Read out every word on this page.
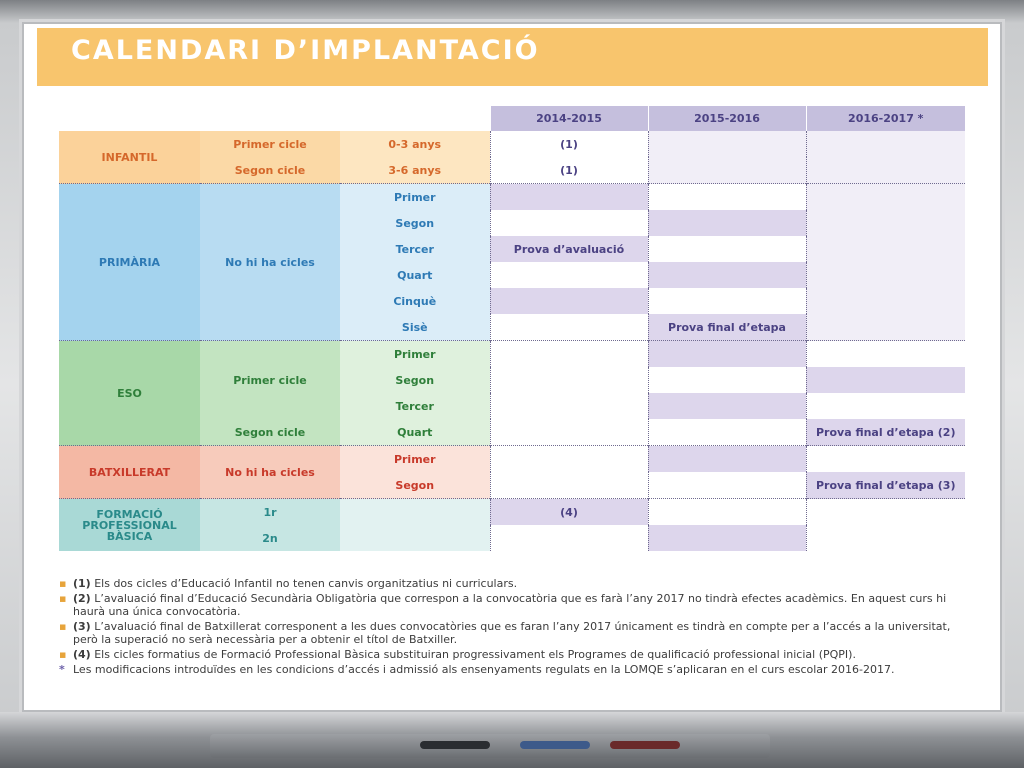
CALENDARI D’IMPLANTACIÓ
			2014-2015	2015-2016	2016-2017 *
INFANTIL	Primer cicle	0-3 anys	(1)		
	Segon cicle	3-6 anys	(1)		
PRIMÀRIA	No hi ha cicles	Primer			
		Segon			
		Tercer	Prova d’avaluació		
		Quart			
		Cinquè			
		Sisè		Prova final d’etapa	
ESO	Primer cicle	Primer			
		Segon			
		Tercer			
	Segon cicle	Quart			Prova final d’etapa (2)
BATXILLERAT	No hi ha cicles	Primer			
		Segon			Prova final d’etapa (3)
FORMACIÓ PROFESSIONAL BÀSICA	1r		(4)		
	2n				

▪ (1) Els dos cicles d’Educació Infantil no tenen canvis organitzatius ni curriculars.

▪ (2) L’avaluació final d’Educació Secundària Obligatòria que correspon a la convocatòria que es farà l’any 2017 no tindrà efectes acadèmics. En aquest curs hi haurà una única convocatòria.

▪ (3) L’avaluació final de Batxillerat corresponent a les dues convocatòries que es faran l’any 2017 únicament es tindrà en compte per a l’accés a la universitat, però la superació no serà necessària per a obtenir el títol de Batxiller.

▪ (4) Els cicles formatius de Formació Professional Bàsica substituiran progressivament els Programes de qualificació professional inicial (PQPI).

* Les modificacions introduïdes en les condicions d’accés i admissió als ensenyaments regulats en la LOMQE s’aplicaran en el curs escolar 2016-2017.
